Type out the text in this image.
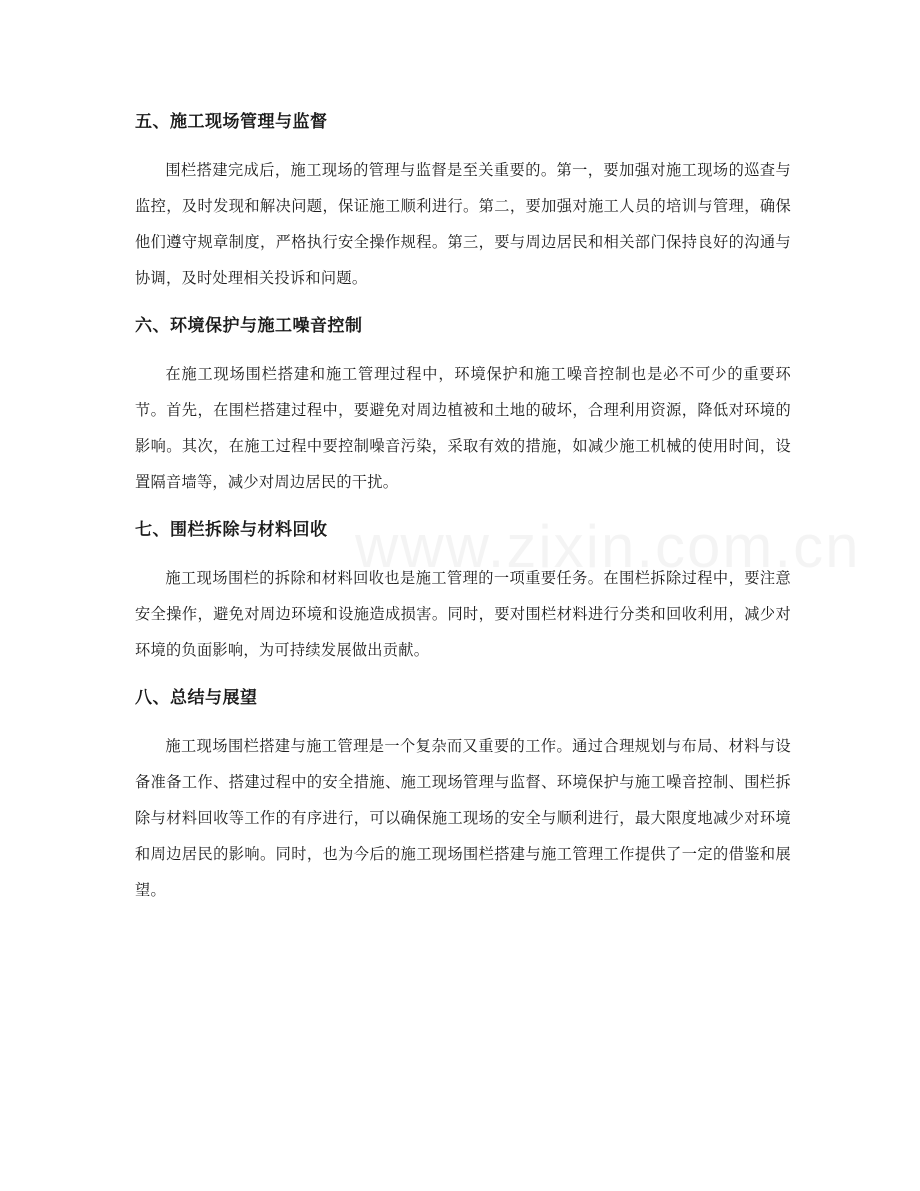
五、施工现场管理与监督

围栏搭建完成后，施工现场的管理与监督是至关重要的。第一，要加强对施工现场的巡查与监控，及时发现和解决问题，保证施工顺利进行。第二，要加强对施工人员的培训与管理，确保他们遵守规章制度，严格执行安全操作规程。第三，要与周边居民和相关部门保持良好的沟通与协调，及时处理相关投诉和问题。

六、环境保护与施工噪音控制

在施工现场围栏搭建和施工管理过程中，环境保护和施工噪音控制也是必不可少的重要环节。首先，在围栏搭建过程中，要避免对周边植被和土地的破坏，合理利用资源，降低对环境的影响。其次，在施工过程中要控制噪音污染，采取有效的措施，如减少施工机械的使用时间，设置隔音墙等，减少对周边居民的干扰。

七、围栏拆除与材料回收

施工现场围栏的拆除和材料回收也是施工管理的一项重要任务。在围栏拆除过程中，要注意安全操作，避免对周边环境和设施造成损害。同时，要对围栏材料进行分类和回收利用，减少对环境的负面影响，为可持续发展做出贡献。

八、总结与展望

施工现场围栏搭建与施工管理是一个复杂而又重要的工作。通过合理规划与布局、材料与设备准备工作、搭建过程中的安全措施、施工现场管理与监督、环境保护与施工噪音控制、围栏拆除与材料回收等工作的有序进行，可以确保施工现场的安全与顺利进行，最大限度地减少对环境和周边居民的影响。同时，也为今后的施工现场围栏搭建与施工管理工作提供了一定的借鉴和展望。
